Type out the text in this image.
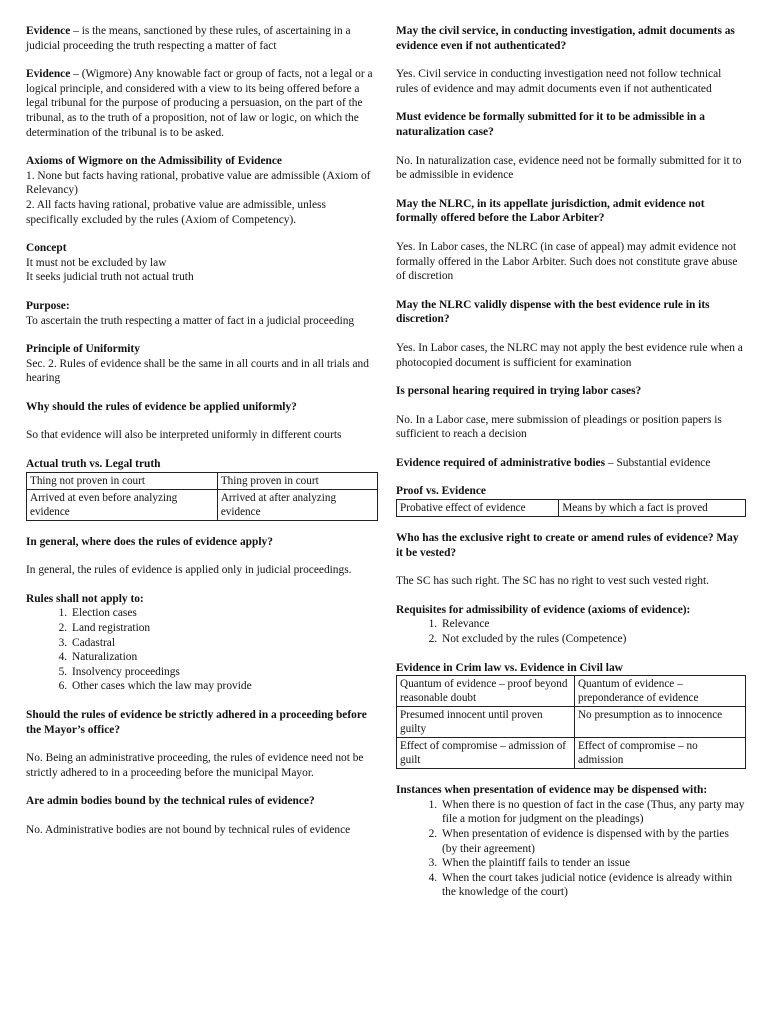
Evidence – is the means, sanctioned by these rules, of ascertaining in a judicial proceeding the truth respecting a matter of fact

Evidence – (Wigmore) Any knowable fact or group of facts, not a legal or a logical principle, and considered with a view to its being offered before a legal tribunal for the purpose of producing a persuasion, on the part of the tribunal, as to the truth of a proposition, not of law or logic, on which the determination of the tribunal is to be asked.

Axioms of Wigmore on the Admissibility of Evidence
1. None but facts having rational, probative value are admissible (Axiom of Relevancy)
2. All facts having rational, probative value are admissible, unless specifically excluded by the rules (Axiom of Competency).
Concept
It must not be excluded by law
It seeks judicial truth not actual truth
Purpose:
To ascertain the truth respecting a matter of fact in a judicial proceeding
Principle of Uniformity
Sec. 2. Rules of evidence shall be the same in all courts and in all trials and hearing

Why should the rules of evidence be applied uniformly?

So that evidence will also be interpreted uniformly in different courts

Actual truth vs. Legal truth
Thing not proven in court	Thing proven in court
Arrived at even before analyzing evidence	Arrived at after analyzing evidence

In general, where does the rules of evidence apply?

In general, the rules of evidence is applied only in judicial proceedings.

Rules shall not apply to:
1. Election cases
2. Land registration
3. Cadastral
4. Naturalization
5. Insolvency proceedings
6. Other cases which the law may provide

Should the rules of evidence be strictly adhered in a proceeding before the Mayor’s office?

No. Being an administrative proceeding, the rules of evidence need not be strictly adhered to in a proceeding before the municipal Mayor.

Are admin bodies bound by the technical rules of evidence?

No. Administrative bodies are not bound by technical rules of evidence

May the civil service, in conducting investigation, admit documents as evidence even if not authenticated?

Yes. Civil service in conducting investigation need not follow technical rules of evidence and may admit documents even if not authenticated

Must evidence be formally submitted for it to be admissible in a naturalization case?

No. In naturalization case, evidence need not be formally submitted for it to be admissible in evidence

May the NLRC, in its appellate jurisdiction, admit evidence not formally offered before the Labor Arbiter?

Yes. In Labor cases, the NLRC (in case of appeal) may admit evidence not formally offered in the Labor Arbiter. Such does not constitute grave abuse of discretion

May the NLRC validly dispense with the best evidence rule in its discretion?

Yes. In Labor cases, the NLRC may not apply the best evidence rule when a photocopied document is sufficient for examination

Is personal hearing required in trying labor cases?

No. In a Labor case, mere submission of pleadings or position papers is sufficient to reach a decision

Evidence required of administrative bodies – Substantial evidence

Proof vs. Evidence
Probative effect of evidence	Means by which a fact is proved

Who has the exclusive right to create or amend rules of evidence? May it be vested?

The SC has such right. The SC has no right to vest such vested right.

Requisites for admissibility of evidence (axioms of evidence):
1. Relevance
2. Not excluded by the rules (Competence)
Evidence in Crim law vs. Evidence in Civil law
Quantum of evidence – proof beyond reasonable doubt	Quantum of evidence – preponderance of evidence
Presumed innocent until proven guilty	No presumption as to innocence
Effect of compromise – admission of guilt	Effect of compromise – no admission
Instances when presentation of evidence may be dispensed with:
1. When there is no question of fact in the case (Thus, any party may file a motion for judgment on the pleadings)
2. When presentation of evidence is dispensed with by the parties (by their agreement)
3. When the plaintiff fails to tender an issue
4. When the court takes judicial notice (evidence is already within the knowledge of the court)
